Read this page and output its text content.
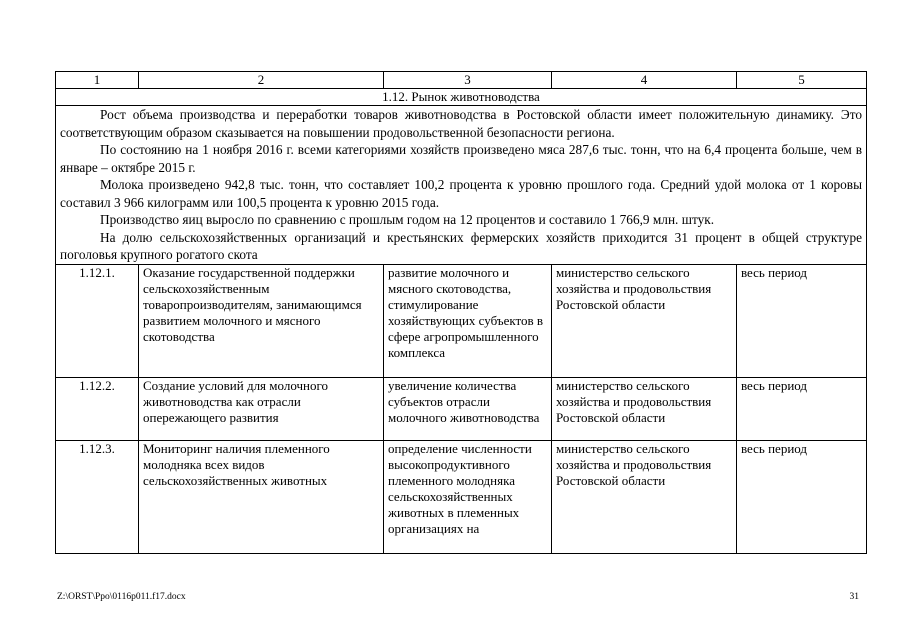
1	2	3	4	5
1.12. Рынок животноводства				

Рост объема производства и переработки товаров животноводства в Ростовской области имеет положительную динамику. Это соответствующим образом сказывается на повышении продовольственной безопасности региона.

По состоянию на 1 ноября 2016 г. всеми категориями хозяйств произведено мяса 287,6 тыс. тонн, что на 6,4 процента больше, чем в январе – октябре 2015 г.

Молока произведено 942,8 тыс. тонн, что составляет 100,2 процента к уровню прошлого года. Средний удой молока от 1 коровы составил 3 966 килограмм или 100,5 процента к уровню 2015 года.

Производство яиц выросло по сравнению с прошлым годом на 12 процентов и составило 1 766,9 млн. штук.

На долю сельскохозяйственных организаций и крестьянских фермерских хозяйств приходится 31 процент в общей структуре поголовья крупного рогатого скота				

1.12.1.	Оказание государственной поддержки сельскохозяйственным товаропроизводителям, занимающимся развитием молочного и мясного скотоводства	развитие молочного и мясного скотоводства, стимулирование хозяйствующих субъектов в сфере агропромышленного комплекса	министерство сельского хозяйства и продовольствия Ростовской области	весь период
1.12.2.	Создание условий для молочного животноводства как отрасли опережающего развития	увеличение количества субъектов отрасли молочного животноводства	министерство сельского хозяйства и продовольствия Ростовской области	весь период
1.12.3.	Мониторинг наличия племенного молодняка всех видов сельскохозяйственных животных	определение численности высокопродуктивного племенного молодняка сельскохозяйственных животных в племенных организациях на	министерство сельского хозяйства и продовольствия Ростовской области	весь период
Z:\ORST\Ppo\0116p011.f17.docx	31
